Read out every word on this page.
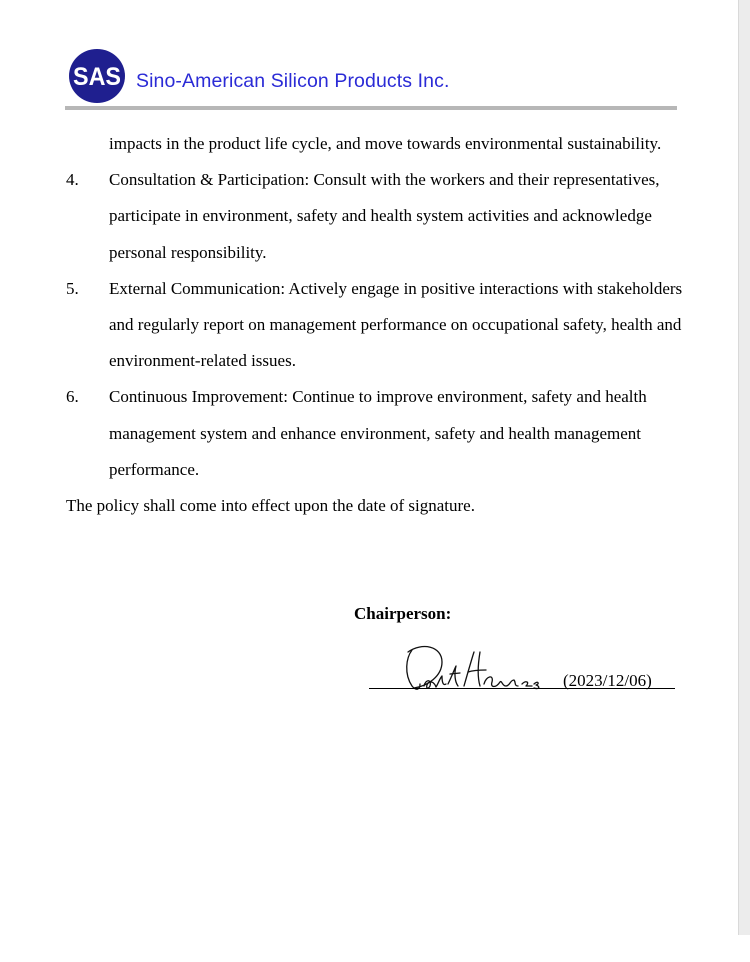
SAS Sino-American Silicon Products Inc.
impacts in the product life cycle, and move towards environmental sustainability.
4.	Consultation & Participation: Consult with the workers and their representatives, participate in environment, safety and health system activities and acknowledge personal responsibility.
5.	External Communication: Actively engage in positive interactions with stakeholders and regularly report on management performance on occupational safety, health and environment-related issues.
6.	Continuous Improvement: Continue to improve environment, safety and health management system and enhance environment, safety and health management performance.

The policy shall come into effect upon the date of signature.

Chairperson:
(2023/12/06)
